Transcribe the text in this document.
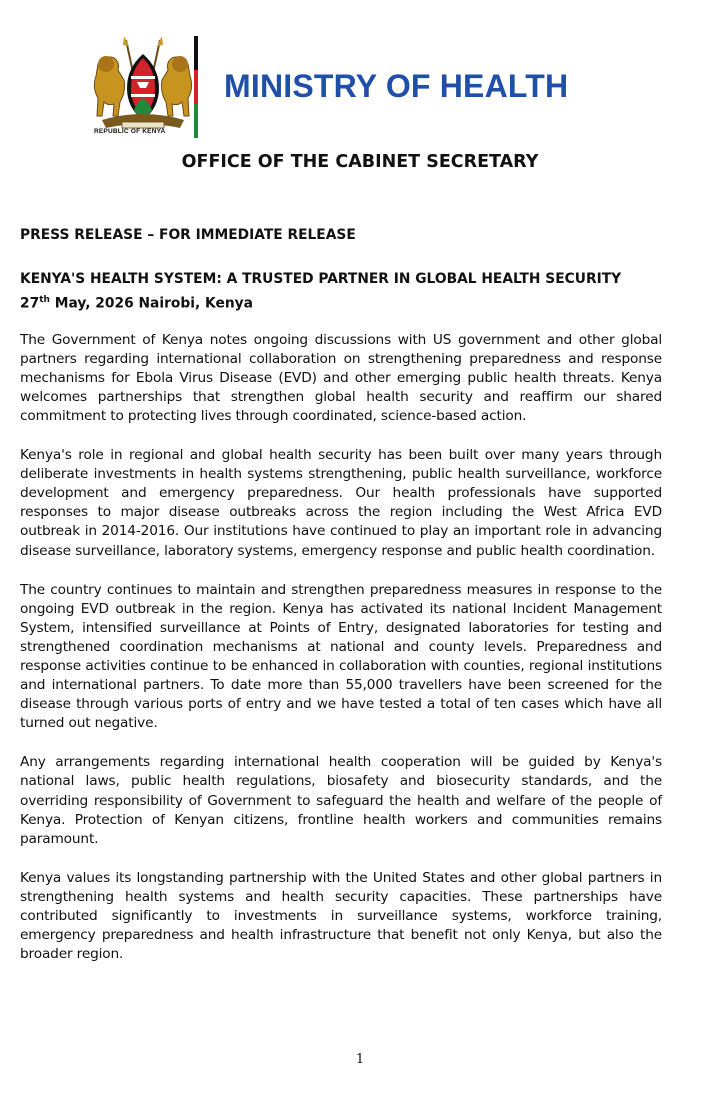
REPUBLIC OF KENYA
MINISTRY OF HEALTH
OFFICE OF THE CABINET SECRETARY

PRESS RELEASE – FOR IMMEDIATE RELEASE

KENYA'S HEALTH SYSTEM: A TRUSTED PARTNER IN GLOBAL HEALTH SECURITY

27th May, 2026 Nairobi, Kenya

The Government of Kenya notes ongoing discussions with US government and other global partners regarding international collaboration on strengthening preparedness and response mechanisms for Ebola Virus Disease (EVD) and other emerging public health threats. Kenya welcomes partnerships that strengthen global health security and reaffirm our shared commitment to protecting lives through coordinated, science-based action.

Kenya's role in regional and global health security has been built over many years through deliberate investments in health systems strengthening, public health surveillance, workforce development and emergency preparedness. Our health professionals have supported responses to major disease outbreaks across the region including the West Africa EVD outbreak in 2014-2016. Our institutions have continued to play an important role in advancing disease surveillance, laboratory systems, emergency response and public health coordination.

The country continues to maintain and strengthen preparedness measures in response to the ongoing EVD outbreak in the region. Kenya has activated its national Incident Management System, intensified surveillance at Points of Entry, designated laboratories for testing and strengthened coordination mechanisms at national and county levels. Preparedness and response activities continue to be enhanced in collaboration with counties, regional institutions and international partners. To date more than 55,000 travellers have been screened for the disease through various ports of entry and we have tested a total of ten cases which have all turned out negative.

Any arrangements regarding international health cooperation will be guided by Kenya's national laws, public health regulations, biosafety and biosecurity standards, and the overriding responsibility of Government to safeguard the health and welfare of the people of Kenya. Protection of Kenyan citizens, frontline health workers and communities remains paramount.

Kenya values its longstanding partnership with the United States and other global partners in strengthening health systems and health security capacities. These partnerships have contributed significantly to investments in surveillance systems, workforce training, emergency preparedness and health infrastructure that benefit not only Kenya, but also the broader region.

1
